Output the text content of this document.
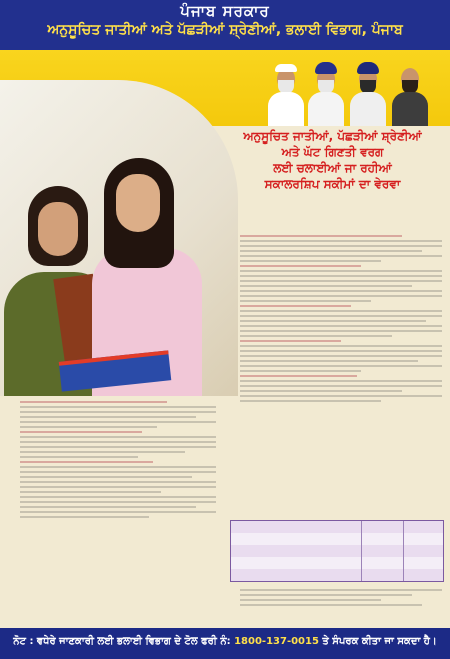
ਪੰਜਾਬ ਸਰਕਾਰ
ਅਨੁਸੂਚਿਤ ਜਾਤੀਆਂ ਅਤੇ ਪੱਛੜੀਆਂ ਸ਼੍ਰੇਣੀਆਂ, ਭਲਾਈ ਵਿਭਾਗ, ਪੰਜਾਬ
ਅਨੁਸੂਚਿਤ ਜਾਤੀਆਂ, ਪੱਛੜੀਆਂ ਸ਼੍ਰੇਣੀਆਂ
ਅਤੇ ਘੱਟ ਗਿਣਤੀ ਵਰਗ
ਲਈ ਚਲਾਈਆਂ ਜਾ ਰਹੀਆਂ
ਸਕਾਲਰਸ਼ਿਪ ਸਕੀਮਾਂ ਦਾ ਵੇਰਵਾ
ਨੋਟ : ਵਧੇਰੇ ਜਾਣਕਾਰੀ ਲਈ ਭਲਾਈ ਵਿਭਾਗ ਦੇ ਟੋਲ ਫਰੀ ਨੰ: 1800-137-0015 ਤੇ ਸੰਪਰਕ ਕੀਤਾ ਜਾ ਸਕਦਾ ਹੈ।
